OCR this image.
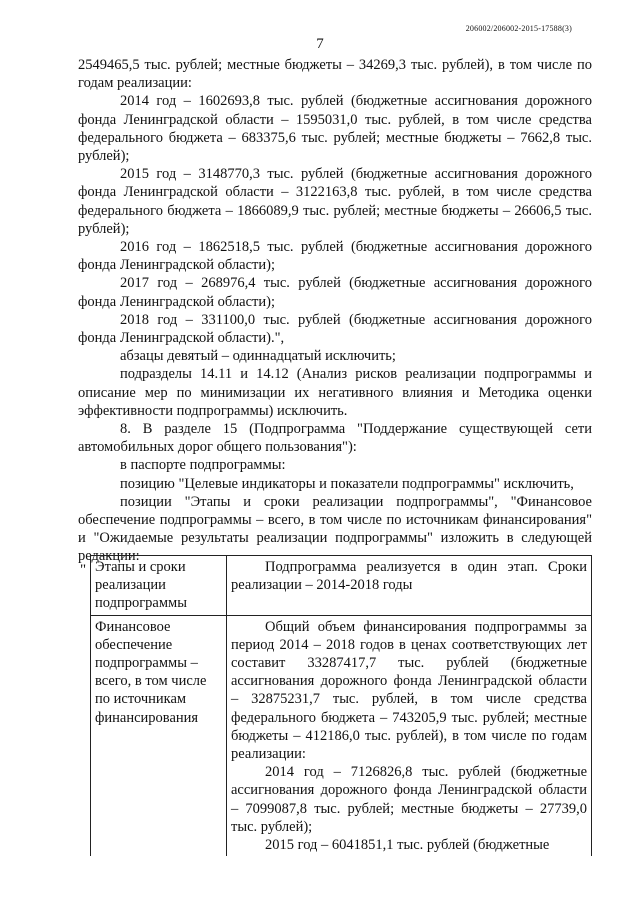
206002/206002-2015-17588(3)
7

2549465,5 тыс. рублей; местные бюджеты – 34269,3 тыс. рублей), в том числе по годам реализации:

2014 год – 1602693,8 тыс. рублей (бюджетные ассигнования дорожного фонда Ленинградской области – 1595031,0 тыс. рублей, в том числе средства федерального бюджета – 683375,6 тыс. рублей; местные бюджеты – 7662,8 тыс. рублей);

2015 год – 3148770,3 тыс. рублей (бюджетные ассигнования дорожного фонда Ленинградской области – 3122163,8 тыс. рублей, в том числе средства федерального бюджета – 1866089,9 тыс. рублей; местные бюджеты – 26606,5 тыс. рублей);

2016 год – 1862518,5 тыс. рублей (бюджетные ассигнования дорожного фонда Ленинградской области);

2017 год – 268976,4 тыс. рублей (бюджетные ассигнования дорожного фонда Ленинградской области);

2018 год – 331100,0 тыс. рублей (бюджетные ассигнования дорожного фонда Ленинградской области).",

абзацы девятый – одиннадцатый исключить;

подразделы 14.11 и 14.12 (Анализ рисков реализации подпрограммы и описание мер по минимизации их негативного влияния и Методика оценки эффективности подпрограммы) исключить.

8. В разделе 15 (Подпрограмма "Поддержание существующей сети автомобильных дорог общего пользования"):

в паспорте подпрограммы:

позицию "Целевые индикаторы и показатели подпрограммы" исключить,

позиции "Этапы и сроки реализации подпрограммы", "Финансовое обеспечение подпрограммы – всего, в том числе по источникам финансирования" и "Ожидаемые результаты реализации подпрограммы" изложить в следующей редакции:

" Этапы и сроки реализации подпрограммы	Подпрограмма реализуется в один этап. Сроки реализации – 2014-2018 годы

Финансовое обеспечение подпрограммы – всего, в том числе по источникам финансирования	Общий объем финансирования подпрограммы за период 2014 – 2018 годов в ценах соответствующих лет составит 33287417,7 тыс. рублей (бюджетные ассигнования дорожного фонда Ленинградской области – 32875231,7 тыс. рублей, в том числе средства федерального бюджета – 743205,9 тыс. рублей; местные бюджеты – 412186,0 тыс. рублей), в том числе по годам реализации:

2014 год – 7126826,8 тыс. рублей (бюджетные ассигнования дорожного фонда Ленинградской области – 7099087,8 тыс. рублей; местные бюджеты – 27739,0 тыс. рублей);

2015 год – 6041851,1 тыс. рублей (бюджетные
